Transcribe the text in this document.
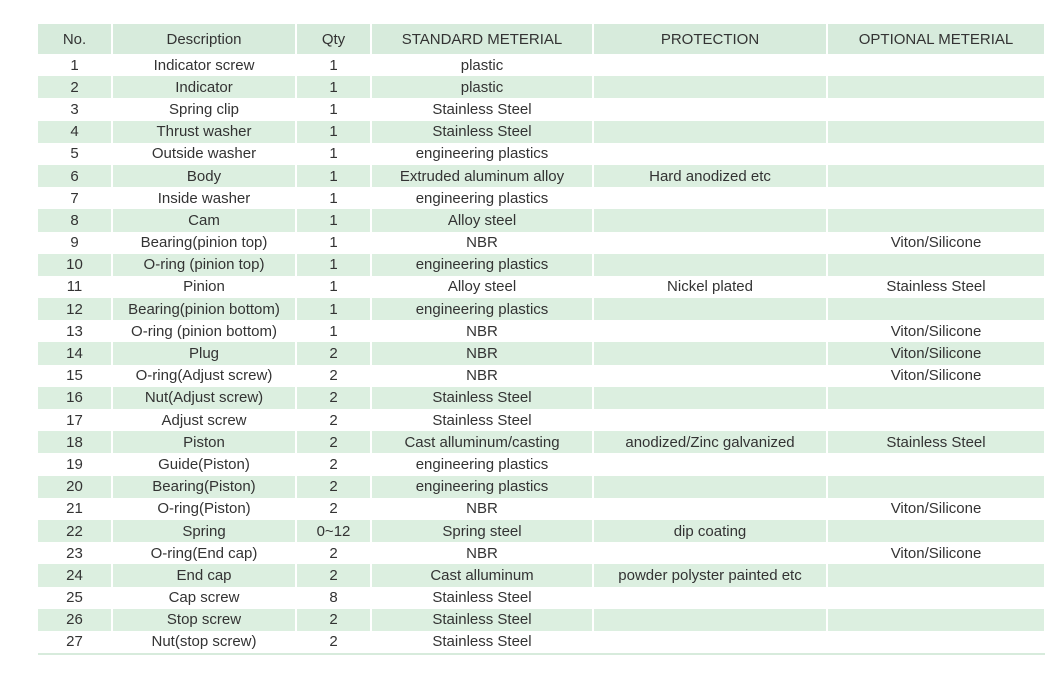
No.	Description	Qty	STANDARD METERIAL	PROTECTION	OPTIONAL METERIAL
1	Indicator screw	1	plastic		
2	Indicator	1	plastic		
3	Spring clip	1	Stainless Steel		
4	Thrust washer	1	Stainless Steel		
5	Outside washer	1	engineering plastics		
6	Body	1	Extruded aluminum alloy	Hard anodized etc	
7	Inside washer	1	engineering plastics		
8	Cam	1	Alloy steel		
9	Bearing(pinion top)	1	NBR		Viton/Silicone
10	O-ring (pinion top)	1	engineering plastics		
11	Pinion	1	Alloy steel	Nickel plated	Stainless Steel
12	Bearing(pinion bottom)	1	engineering plastics		
13	O-ring (pinion bottom)	1	NBR		Viton/Silicone
14	Plug	2	NBR		Viton/Silicone
15	O-ring(Adjust screw)	2	NBR		Viton/Silicone
16	Nut(Adjust screw)	2	Stainless Steel		
17	Adjust screw	2	Stainless Steel		
18	Piston	2	Cast alluminum/casting	anodized/Zinc galvanized	Stainless Steel
19	Guide(Piston)	2	engineering plastics		
20	Bearing(Piston)	2	engineering plastics		
21	O-ring(Piston)	2	NBR		Viton/Silicone
22	Spring	0~12	Spring steel	dip coating	
23	O-ring(End cap)	2	NBR		Viton/Silicone
24	End cap	2	Cast alluminum	powder polyster painted etc	
25	Cap screw	8	Stainless Steel		
26	Stop screw	2	Stainless Steel		
27	Nut(stop screw)	2	Stainless Steel		
